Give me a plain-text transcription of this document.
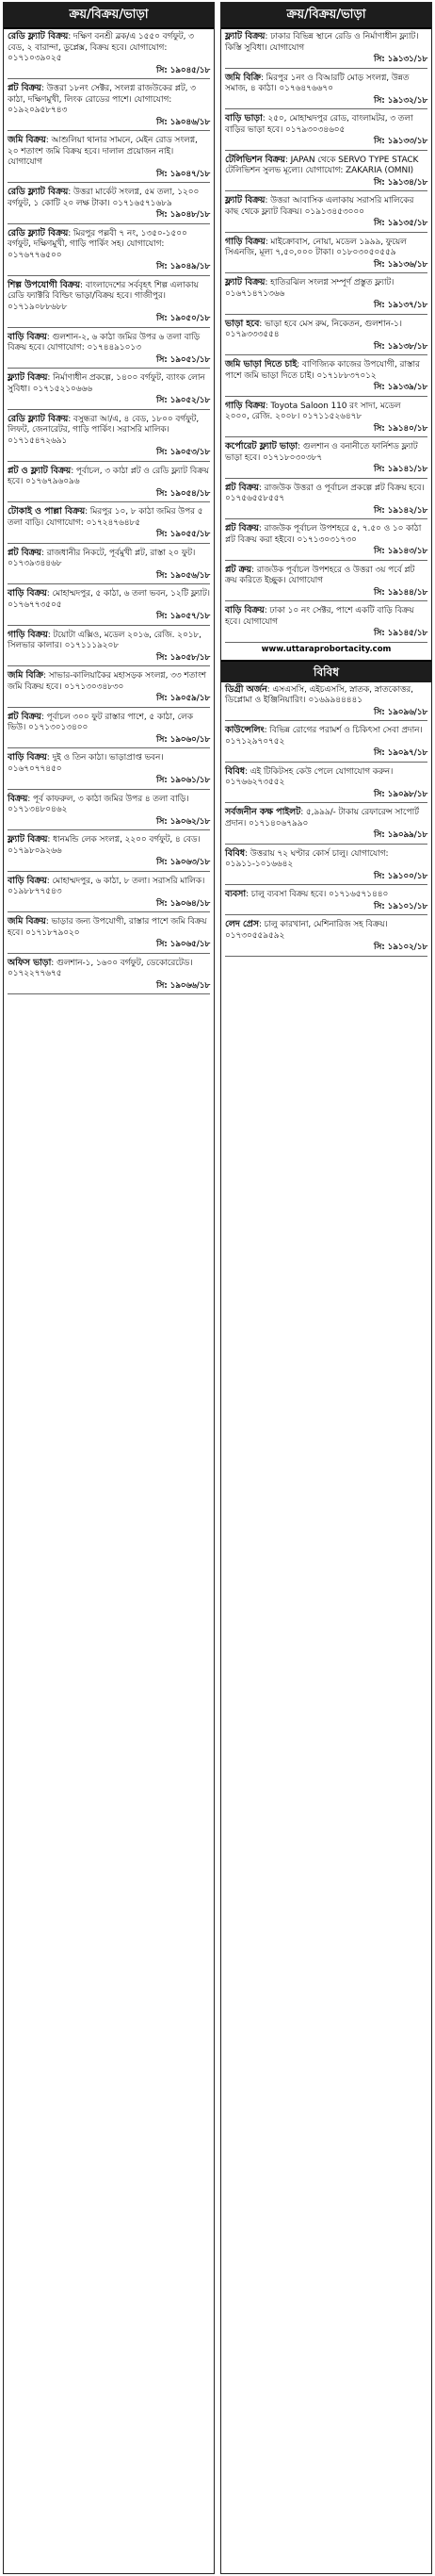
ক্রয়/বিক্রয়/ভাড়া
রেডি ফ্ল্যাট বিক্রয়: দক্ষিণ বনশ্রী ব্লক/এ ১৫৫০ বর্গফুট, ৩ বেড, ২ বারান্দা, ডুপ্লেক্স, বিক্রয় হবে। যোগাযোগ: ০১৭১০৩৯০২৫
সি: ১৯০৪৫/১৮
প্লট বিক্রয়: উত্তরা ১৮নং সেক্টর, সংলগ্ন রাজউকের প্লট, ৩ কাঠা, দক্ষিণমুখী, লিংক রোডের পাশে। যোগাযোগ: ০১৯২০৯৫৮৭৪৩
সি: ১৯০৪৬/১৮
জমি বিক্রয়: আশুলিয়া থানার সামনে, মেইন রোড সংলগ্ন, ২০ শতাংশ জমি বিক্রয় হবে। দালাল প্রয়োজন নাই। যোগাযোগ
সি: ১৯০৪৭/১৮
রেডি ফ্ল্যাট বিক্রয়: উত্তরা মার্কেট সংলগ্ন, ৫ম তলা, ১২০০ বর্গফুট, ১ কোটি ২০ লক্ষ টাকা। ০১৭১৬৫৭১৬৮৯
সি: ১৯০৪৮/১৮
রেডি ফ্ল্যাট বিক্রয়: মিরপুর পল্লবী ৭ নং, ১৩৫০-১৫০০ বর্গফুট, দক্ষিণমুখী, গাড়ি পার্কিং সহ। যোগাযোগ: ০১৭৬৭৭৬৫০০
সি: ১৯০৪৯/১৮
শিল্প উপযোগী বিক্রয়: বাংলাদেশের সর্ববৃহৎ শিল্প এলাকায় রেডি ফ্যাক্টরি বিল্ডিং ভাড়া/বিক্রয় হবে। গাজীপুর। ০১৭১৯০৮৮৬৮৮
সি: ১৯০৫০/১৮
বাড়ি বিক্রয়: গুলশান-২, ৬ কাঠা জমির উপর ৬ তলা বাড়ি বিক্রয় হবে। যোগাযোগ: ০১৭৪৪৯১০১৩
সি: ১৯০৫১/১৮
ফ্ল্যাট বিক্রয়: নির্মাণাধীন প্রকল্পে, ১৪০০ বর্গফুট, ব্যাংক লোন সুবিধা। ০১৭১৫২১০৬৬৬
সি: ১৯০৫২/১৮
রেডি ফ্ল্যাট বিক্রয়: বসুন্ধরা আ/এ, ৪ বেড, ১৮০০ বর্গফুট, লিফট, জেনারেটর, গাড়ি পার্কিং। সরাসরি মালিক। ০১৭১৫৪৭২৬৯১
সি: ১৯০৫৩/১৮
প্লট ও ফ্ল্যাট বিক্রয়: পূর্বাচল, ৩ কাঠা প্লট ও রেডি ফ্ল্যাট বিক্রয় হবে। ০১৭৬৭৯৬০৯৬
সি: ১৯০৫৪/১৮
টোকাই ও পাল্লা বিক্রয়: মিরপুর ১০, ৮ কাঠা জমির উপর ৫ তলা বাড়ি। যোগাযোগ: ০১৭২৪৭৬৪৮৫
সি: ১৯০৫৫/১৮
প্লট বিক্রয়: রাজধানীর নিকটে, পূর্বমুখী প্লট, রাস্তা ২০ ফুট। ০১৭৩৯৩৪৪৬৮
সি: ১৯০৫৬/১৮
বাড়ি বিক্রয়: মোহাম্মদপুর, ৫ কাঠা, ৬ তলা ভবন, ১২টি ফ্ল্যাট। ০১৭৬৭৭৩৫০৫
সি: ১৯০৫৭/১৮
গাড়ি বিক্রয়: টয়োটা এক্সিও, মডেল ২০১৬, রেজি. ২০১৮, সিলভার কালার। ০১৭১১১৯২০৮
সি: ১৯০৫৮/১৮
জমি বিক্রি: সাভার-কালিয়াকৈর মহাসড়ক সংলগ্ন, ৩৩ শতাংশ জমি বিক্রয় হবে। ০১৭১৩০৩৪৮৩০
সি: ১৯০৫৯/১৮
প্লট বিক্রয়: পূর্বাচল ৩০০ ফুট রাস্তার পাশে, ৫ কাঠা, লেক ভিউ। ০১৭১৩০১৩৪০০
সি: ১৯০৬০/১৮
বাড়ি বিক্রয়: দুই ও তিন কাঠা। ভাড়াপ্রাপ্ত ভবন। ০১৬৭০৭৭৪৫০
সি: ১৯০৬১/১৮
বিক্রয়: পূর্ব কাফরুল, ৩ কাঠা জমির উপর ৪ তলা বাড়ি। ০১৭১৩৪৮০৪৬২
সি: ১৯০৬২/১৮
ফ্ল্যাট বিক্রয়: ধানমন্ডি লেক সংলগ্ন, ২২০০ বর্গফুট, ৪ বেড। ০১৭৯৮০৯২৬৬
সি: ১৯০৬৩/১৮
বাড়ি বিক্রয়: মোহাম্মদপুর, ৬ কাঠা, ৮ তলা। সরাসরি মালিক। ০১৯৮৮৭৭৫৪৩
সি: ১৯০৬৪/১৮
জমি বিক্রয়: ভাড়ার জন্য উপযোগী, রাস্তার পাশে জমি বিক্রয় হবে। ০১৭১৮৭৯০২০
সি: ১৯০৬৫/১৮
অফিস ভাড়া: গুলশান-১, ১৬০০ বর্গফুট, ডেকোরেটেড। ০১৭২২৭৭৬৭৫
সি: ১৯০৬৬/১৮
ক্রয়/বিক্রয়/ভাড়া
ফ্ল্যাট বিক্রয়: ঢাকার বিভিন্ন স্থানে রেডি ও নির্মাণাধীন ফ্ল্যাট। কিস্তি সুবিধা। যোগাযোগ
সি: ১৯১৩১/১৮
জমি বিক্রি: মিরপুর ১নং ও বিআরটি মোড় সংলগ্ন, উন্নত সমাজ, ৪ কাঠা। ০১৭৬৪৭৬৬৭০
সি: ১৯১৩২/১৮
বাড়ি ভাড়া: ২৫০, মোহাম্মদপুর রোড, বাংলামটর, ৩ তলা বাড়ির ভাড়া হবে। ০১৭৯৩০৩৪৬০৫
সি: ১৯১৩৩/১৮
টেলিভিশন বিক্রয়: JAPAN থেকে SERVO TYPE STACK টেলিভিশন সুলভ মূল্যে। যোগাযোগ: ZAKARIA (OMNI)
সি: ১৯১৩৪/১৮
ফ্ল্যাট বিক্রয়: উত্তরা আবাসিক এলাকায় সরাসরি মালিকের কাছ থেকে ফ্ল্যাট বিক্রয়। ০১৯১৩৪৫৩০০০
সি: ১৯১৩৫/১৮
গাড়ি বিক্রয়: মাইক্রোবাস, নোয়া, মডেল ১৯৯৯, ফুয়েল সিএনজি, মূল্য ৭,৫০,০০০ টাকা। ০১৮০৩০৫০৫৫৯
সি: ১৯১৩৬/১৮
ফ্ল্যাট বিক্রয়: হাতিরঝিল সংলগ্ন সম্পূর্ণ প্রস্তুত ফ্ল্যাট। ০১৬৭১৪৭১৩৬৬
সি: ১৯১৩৭/১৮
ভাড়া হবে: ভাড়া হবে মেস রুম, নিকেতন, গুলশান-১। ০১৭৯৩৩৩৫৫৪
সি: ১৯১৩৮/১৮
জমি ভাড়া দিতে চাই: বাণিজ্যিক কাজের উপযোগী, রাস্তার পাশে জমি ভাড়া দিতে চাই। ০১৭১৮৮৩৭০১২
সি: ১৯১৩৯/১৮
গাড়ি বিক্রয়: Toyota Saloon 110 রং সাদা, মডেল ২০০০, রেজি. ২০০৮। ০১৭১১৫২৬৪৭৮
সি: ১৯১৪০/১৮
কর্পোরেট ফ্ল্যাট ভাড়া: গুলশান ও বনানীতে ফার্নিশড ফ্ল্যাট ভাড়া হবে। ০১৭১৮০৩০৩৮৭
সি: ১৯১৪১/১৮
প্লট বিক্রয়: রাজউক উত্তরা ও পূর্বাচল প্রকল্পে প্লট বিক্রয় হবে। ০১৭৫৬৫৫৮৫৫৭
সি: ১৯১৪২/১৮
প্লট বিক্রয়: রাজউক পূর্বাচল উপশহরে ৫, ৭.৫০ ও ১০ কাঠা প্লট বিক্রয় করা হইবে। ০১৭১৩০৩১৭৩০
সি: ১৯১৪৩/১৮
প্লট ক্রয়: রাজউক পূর্বাচল উপশহরে ও উত্তরা ৩য় পর্বে প্লট ক্রয় করিতে ইচ্ছুক। যোগাযোগ
সি: ১৯১৪৪/১৮
বাড়ি বিক্রয়: ঢাকা ১০ নং সেক্টর, পাশে একটি বাড়ি বিক্রয় হবে। যোগাযোগ
সি: ১৯১৪৫/১৮
www.uttaraprobortacity.com
বিবিধ
ডিগ্রী অর্জন: এসএসসি, এইচএসসি, স্নাতক, স্নাতকোত্তর, ডিপ্লোমা ও ইঞ্জিনিয়ারিং। ০১৬৯৯৪৪৪৪১
সি: ১৯০৯৬/১৮
কাউন্সেলিং: বিভিন্ন রোগের পরামর্শ ও চিকিৎসা সেবা প্রদান। ০১৭১২৯৭০৭৫২
সি: ১৯০৯৭/১৮
বিবিধ: এই টিকিটসহ কেউ পেলে যোগাযোগ করুন। ০১৭৬৬২৭৩৫৫২
সি: ১৯০৯৮/১৮
সর্বজনীন কক্ষ পাইলট: ৫,৯৯৯/- টাকায় রেফারেন্স সাপোর্ট প্রদান। ০১৭১৪০৬৭৯৯০
সি: ১৯০৯৯/১৮
বিবিধ: উত্তরায় ৭২ ঘণ্টার কোর্স চালু। যোগাযোগ: ০১৯১১-১০১৬৬৪২
সি: ১৯১০০/১৮
ব্যবসা: চালু ব্যবসা বিক্রয় হবে। ০১৭১৬৫৭১৪৪০
সি: ১৯১০১/১৮
লেদ প্রেস: চালু কারখানা, মেশিনারিজ সহ বিক্রয়। ০১৭৩০৫৫৯৫৯২
সি: ১৯১০২/১৮
